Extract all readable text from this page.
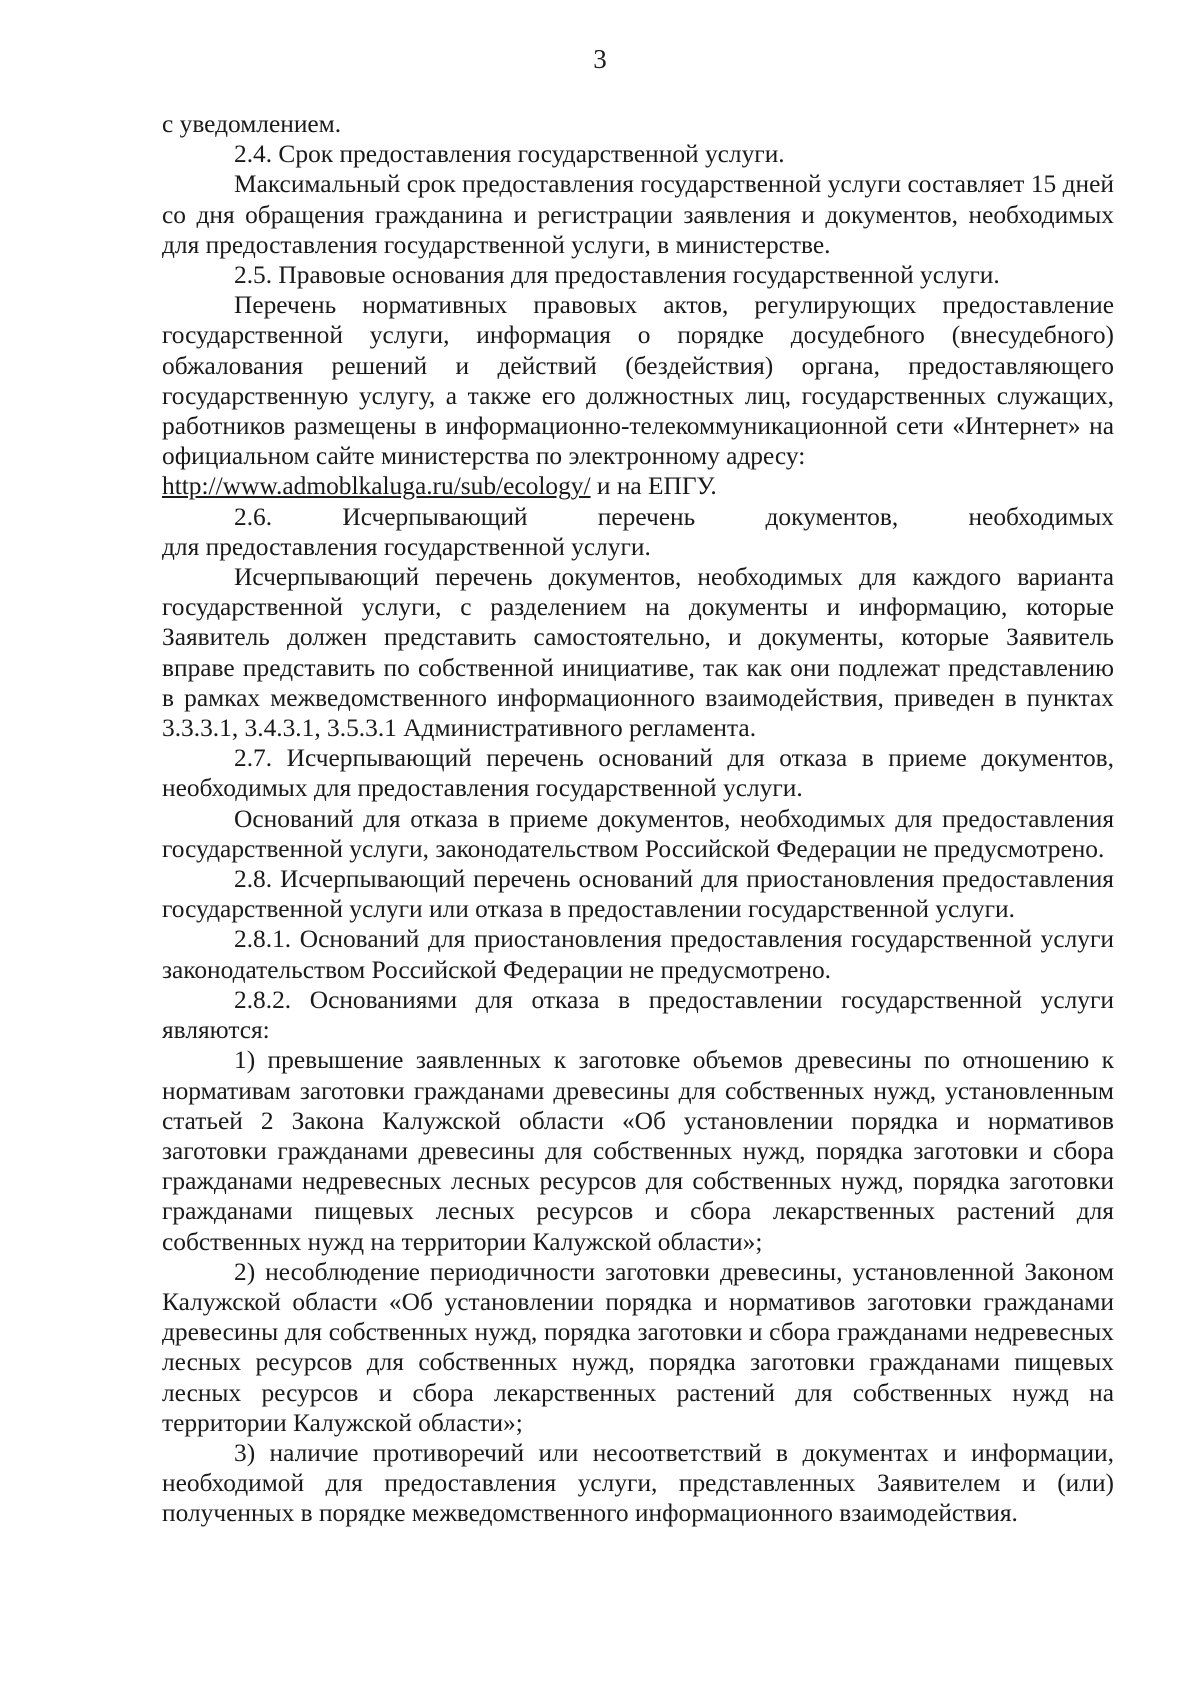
3

с уведомлением.

2.4. Срок предоставления государственной услуги.

Максимальный срок предоставления государственной услуги составляет 15 дней со дня обращения гражданина и регистрации заявления и документов, необходимых для предоставления государственной услуги, в министерстве.

2.5. Правовые основания для предоставления государственной услуги.

Перечень нормативных правовых актов, регулирующих предоставление государственной услуги, информация о порядке досудебного (внесудебного) обжалования решений и действий (бездействия) органа, предоставляющего государственную услугу, а также его должностных лиц, государственных служащих, работников размещены в информационно-телекоммуникационной сети «Интернет» на официальном сайте министерства по электронному адресу:
http://www.admoblkaluga.ru/sub/ecology/ и на ЕПГУ.

2.6.	Исчерпывающий	перечень	документов,	необходимых

для предоставления государственной услуги.

Исчерпывающий перечень документов, необходимых для каждого варианта государственной услуги, с разделением на документы и информацию, которые Заявитель должен представить самостоятельно, и документы, которые Заявитель вправе представить по собственной инициативе, так как они подлежат представлению в рамках межведомственного информационного взаимодействия, приведен в пунктах 3.3.3.1, 3.4.3.1, 3.5.3.1 Административного регламента.

2.7. Исчерпывающий перечень оснований для отказа в приеме документов, необходимых для предоставления государственной услуги.

Оснований для отказа в приеме документов, необходимых для предоставления государственной услуги, законодательством Российской Федерации не предусмотрено.

2.8. Исчерпывающий перечень оснований для приостановления предоставления государственной услуги или отказа в предоставлении государственной услуги.

2.8.1. Оснований для приостановления предоставления государственной услуги законодательством Российской Федерации не предусмотрено.

2.8.2. Основаниями для отказа в предоставлении государственной услуги являются:

1) превышение заявленных к заготовке объемов древесины по отношению к нормативам заготовки гражданами древесины для собственных нужд, установленным статьей 2 Закона Калужской области «Об установлении порядка и нормативов заготовки гражданами древесины для собственных нужд, порядка заготовки и сбора гражданами недревесных лесных ресурсов для собственных нужд, порядка заготовки гражданами пищевых лесных ресурсов и сбора лекарственных растений для собственных нужд на территории Калужской области»;

2) несоблюдение периодичности заготовки древесины, установленной Законом Калужской области «Об установлении порядка и нормативов заготовки гражданами древесины для собственных нужд, порядка заготовки и сбора гражданами недревесных лесных ресурсов для собственных нужд, порядка заготовки гражданами пищевых лесных ресурсов и сбора лекарственных растений для собственных нужд на территории Калужской области»;

3) наличие противоречий или несоответствий в документах и информации, необходимой для предоставления услуги, представленных Заявителем и (или) полученных в порядке межведомственного информационного взаимодействия.
